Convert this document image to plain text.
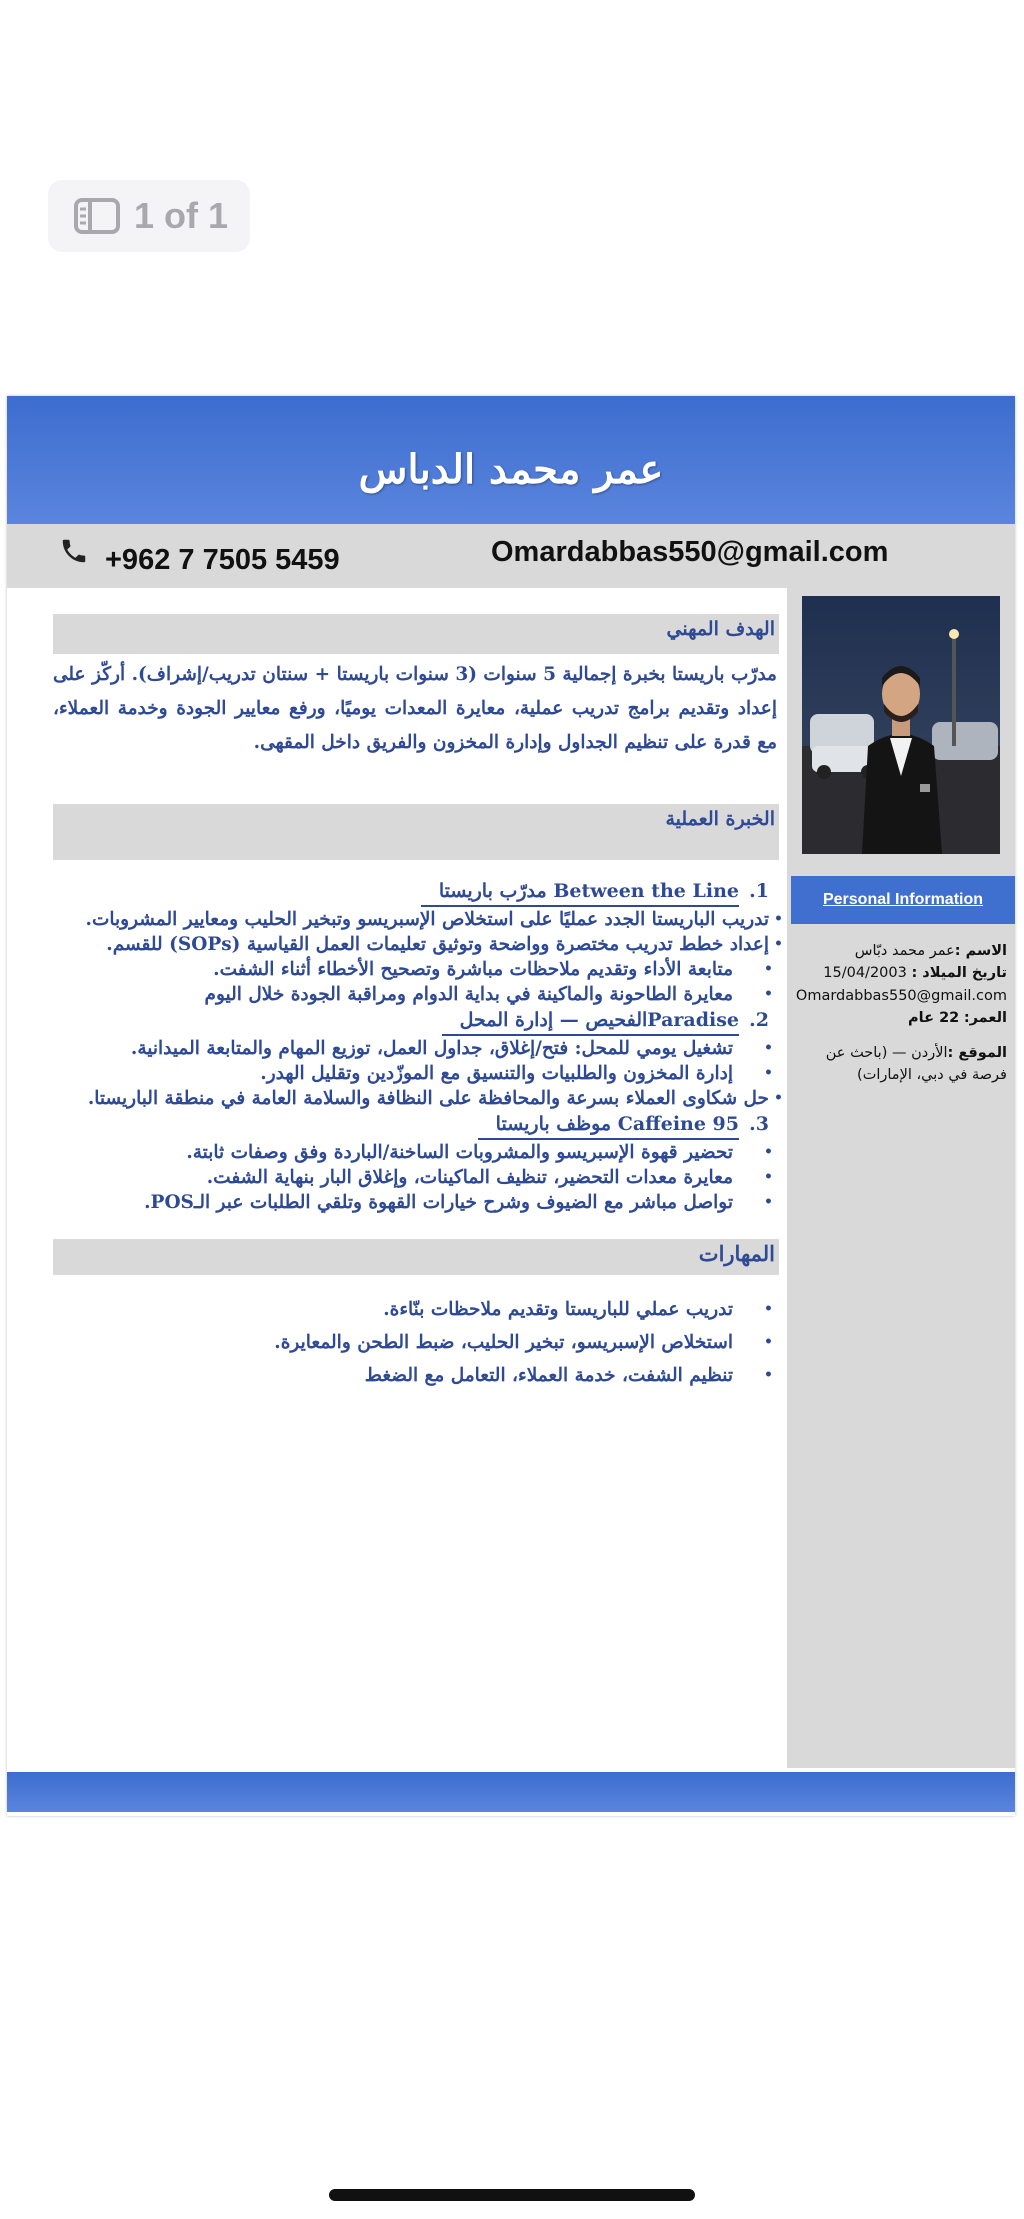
1 of 1
عمر محمد الدباس
+962 7 7505 5459	Omardabbas550@gmail.com
Personal Information

الاسم :عمر محمد دبّاس

تاريخ الميلاد : 15/04/2003

Omardabbas550@gmail.com

العمر: 22 عام

الموقع :الأردن — (باحث عن فرصة في دبي، الإمارات)

الهدف المهني

مدرّب باريستا بخبرة إجمالية 5 سنوات (3 سنوات باريستا + سنتان تدريب/إشراف). أركّز على إعداد وتقديم برامج تدريب عملية، معايرة المعدات يوميًا، ورفع معايير الجودة وخدمة العملاء، مع قدرة على تنظيم الجداول وإدارة المخزون والفريق داخل المقهى.

الخبرة العملية

1.
Between the Line مدرّب باريستا

• تدريب الباريستا الجدد عمليًا على استخلاص الإسبريسو وتبخير الحليب ومعايير المشروبات.
• إعداد خطط تدريب مختصرة وواضحة وتوثيق تعليمات العمل القياسية (SOPs) للقسم.
• متابعة الأداء وتقديم ملاحظات مباشرة وتصحيح الأخطاء أثناء الشفت.
• معايرة الطاحونة والماكينة في بداية الدوام ومراقبة الجودة خلال اليوم

2.
Paradiseالفحيص — إدارة المحل

• تشغيل يومي للمحل: فتح/إغلاق، جداول العمل، توزيع المهام والمتابعة الميدانية.
• إدارة المخزون والطلبيات والتنسيق مع الموزّدين وتقليل الهدر.
• حل شكاوى العملاء بسرعة والمحافظة على النظافة والسلامة العامة في منطقة الباريستا.

3.
Caffeine 95 موظف باريستا

• تحضير قهوة الإسبريسو والمشروبات الساخنة/الباردة وفق وصفات ثابتة.
• معايرة معدات التحضير، تنظيف الماكينات، وإغلاق البار بنهاية الشفت.
• تواصل مباشر مع الضيوف وشرح خيارات القهوة وتلقي الطلبات عبر الـPOS.
المهارات
• تدريب عملي للباريستا وتقديم ملاحظات بنّاءة.
• استخلاص الإسبريسو، تبخير الحليب، ضبط الطحن والمعايرة.
• تنظيم الشفت، خدمة العملاء، التعامل مع الضغط
